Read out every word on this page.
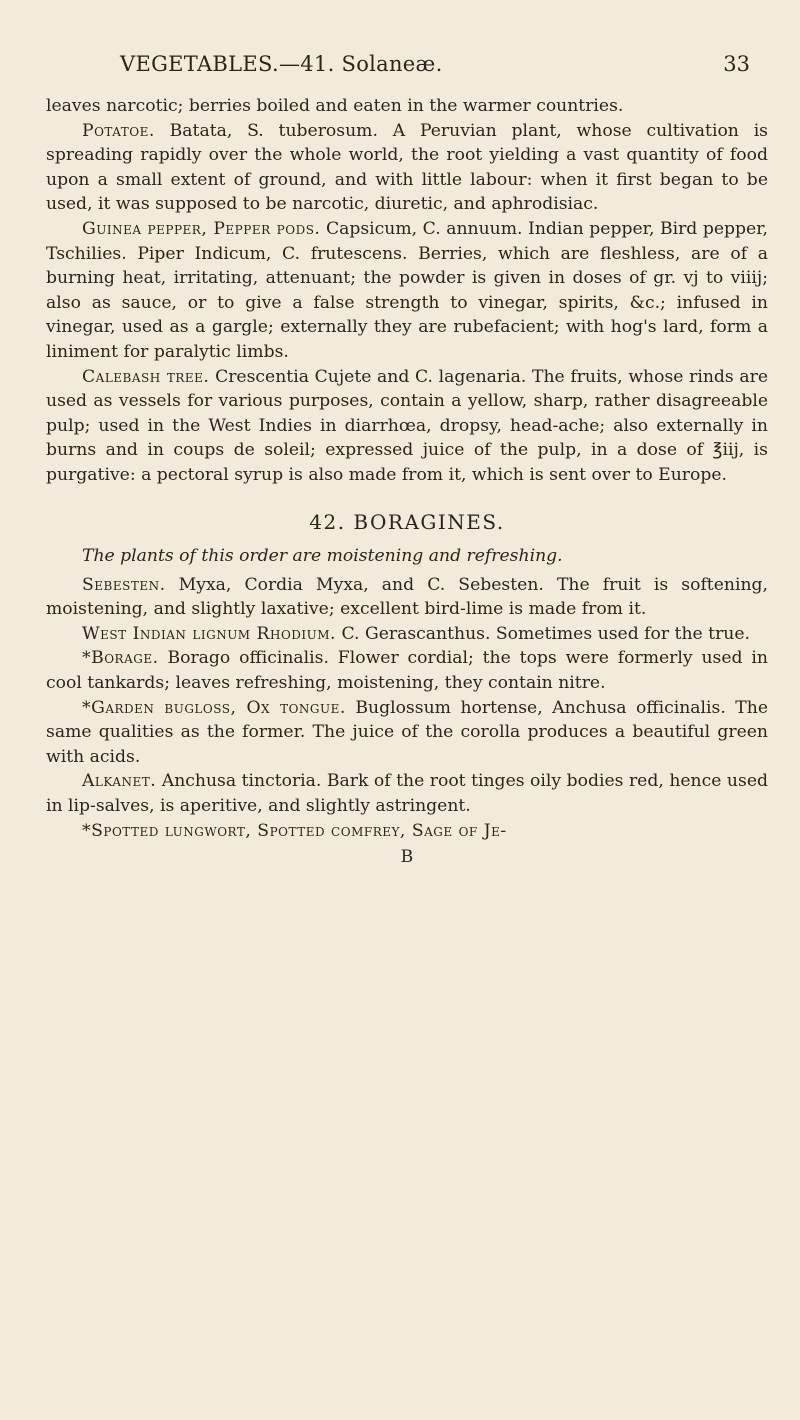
VEGETABLES.—41. Solaneæ.	33

leaves narcotic; berries boiled and eaten in the warmer countries.

Potatoe. Batata, S. tuberosum. A Peruvian plant, whose cultivation is spreading rapidly over the whole world, the root yielding a vast quantity of food upon a small extent of ground, and with little labour: when it first began to be used, it was supposed to be narcotic, diuretic, and aphrodisiac.

Guinea pepper, Pepper pods. Capsicum, C. annuum. Indian pepper, Bird pepper, Tschilies. Piper Indicum, C. frutescens. Berries, which are fleshless, are of a burning heat, irritating, attenuant; the powder is given in doses of gr. vj to viiij; also as sauce, or to give a false strength to vinegar, spirits, &c.; infused in vinegar, used as a gargle; externally they are rubefacient; with hog's lard, form a liniment for paralytic limbs.

Calebash tree. Crescentia Cujete and C. lagenaria. The fruits, whose rinds are used as vessels for various purposes, contain a yellow, sharp, rather disagreeable pulp; used in the West Indies in diarrhœa, dropsy, head-ache; also externally in burns and in coups de soleil; expressed juice of the pulp, in a dose of ℥iij, is purgative: a pectoral syrup is also made from it, which is sent over to Europe.

42. BORAGINES.

The plants of this order are moistening and refreshing.

Sebesten. Myxa, Cordia Myxa, and C. Sebesten. The fruit is softening, moistening, and slightly laxative; excellent bird-lime is made from it.

West Indian lignum Rhodium. C. Gerascanthus. Sometimes used for the true.

*Borage. Borago officinalis. Flower cordial; the tops were formerly used in cool tankards; leaves refreshing, moistening, they contain nitre.

*Garden bugloss, Ox tongue. Buglossum hortense, Anchusa officinalis. The same qualities as the former. The juice of the corolla produces a beautiful green with acids.

Alkanet. Anchusa tinctoria. Bark of the root tinges oily bodies red, hence used in lip-salves, is aperitive, and slightly astringent.

*Spotted lungwort, Spotted comfrey, Sage of Je-

B
